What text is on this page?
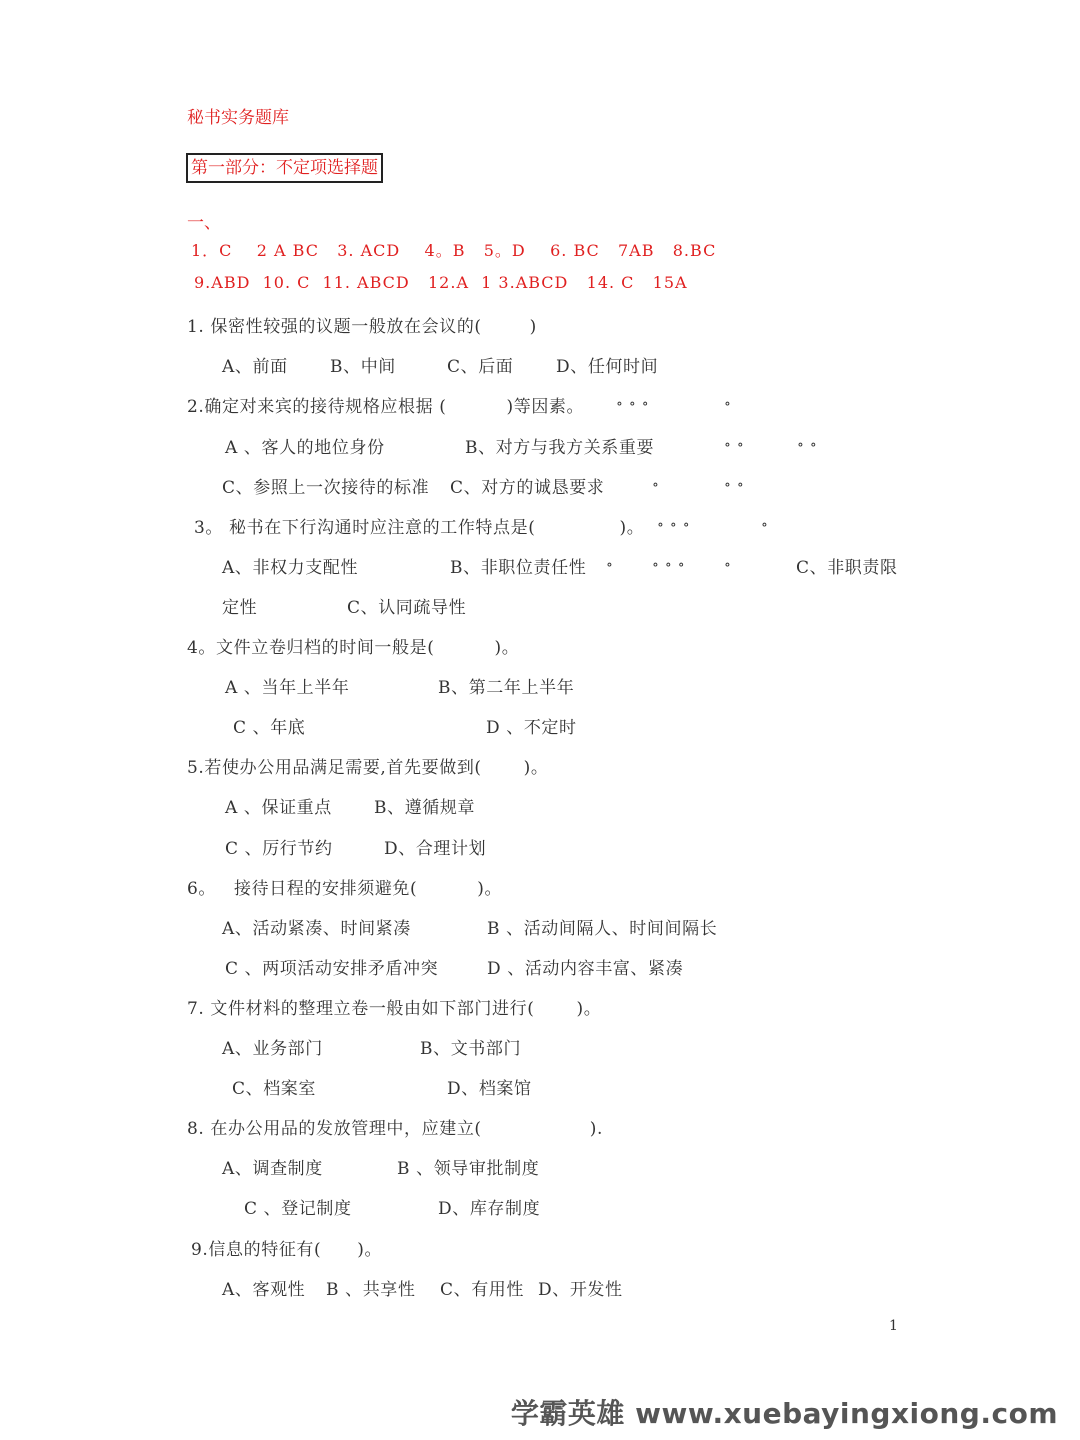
秘书实务题库
第一部分：不定项选择题
一、
1．C    2 A BC   3. ACD    4。B   5。D    6. BC   7AB   8.BC
9.ABD  10. C  11. ABCD   12.A  1 3.ABCD   14. C   15A
1. 保密性较强的议题一般放在会议的(        )
A、前面 B、中间	C、后面	D、任何时间
2.确定对来宾的接待规格应根据 (          )等因素。 ∘∘∘	∘
A 、客人的地位身份	B、对方与我方关系重要	∘∘	∘∘
C、参照上一次接待的标准 C、对方的诚恳要求	∘	∘∘
3。 秘书在下行沟通时应注意的工作特点是(              )。 ∘∘∘	∘
A、非权力支配性	B、非职位责任性 ∘ ∘∘∘ ∘	C、非职责限
定性	C、认同疏导性
4。文件立卷归档的时间一般是(          )。
A 、当年上半年	B、第二年上半年
C 、年底	D 、不定时
5.若使办公用品满足需要,首先要做到(       )。
A 、保证重点 B、遵循规章
C 、厉行节约	D、合理计划
6。   接待日程的安排须避免(          )。
A、活动紧凑、时间紧凑	B 、活动间隔人、时间间隔长
C 、两项活动安排矛盾冲突	D 、活动内容丰富、紧凑
7. 文件材料的整理立卷一般由如下部门进行(       )。
A、业务部门	B、文书部门
C、档案室	D、档案馆
8. 在办公用品的发放管理中，应建立(                  ).
A、调查制度	B 、领导审批制度
C 、登记制度	D、库存制度
9.信息的特征有(      )。
A、客观性 B 、共享性 C、有用性 D、开发性
1
学霸英雄 www.xuebayingxiong.com
